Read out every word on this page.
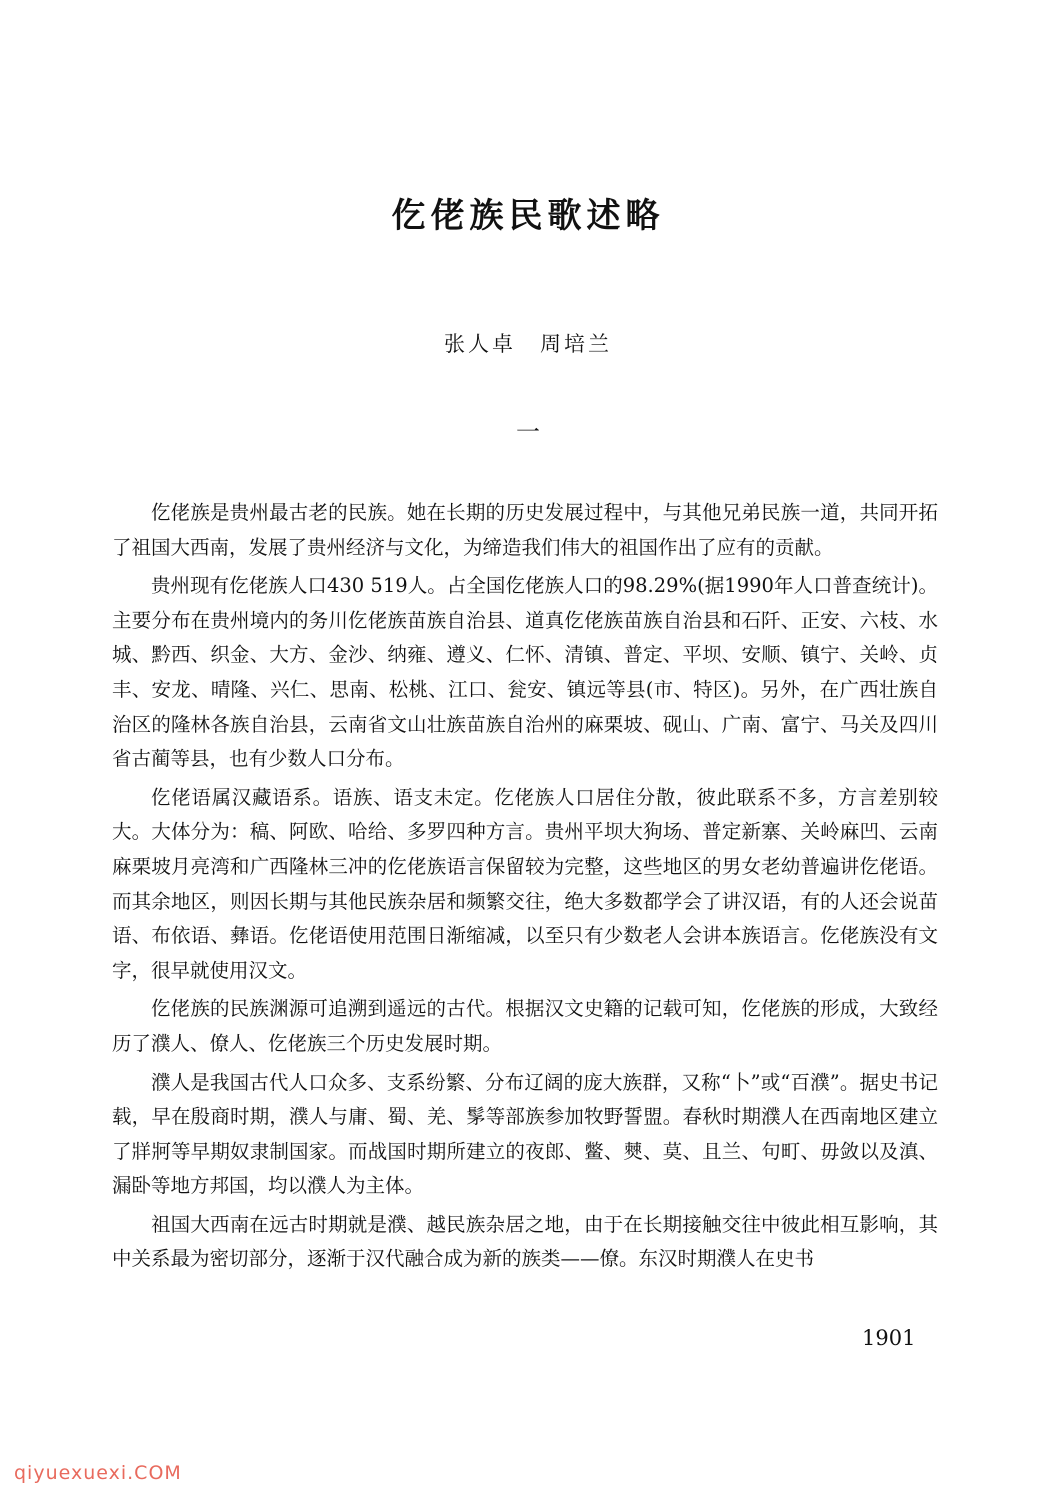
仡佬族民歌述略
张人卓　周培兰
一

仡佬族是贵州最古老的民族。她在长期的历史发展过程中，与其他兄弟民族一道，共同开拓了祖国大西南，发展了贵州经济与文化，为缔造我们伟大的祖国作出了应有的贡献。

贵州现有仡佬族人口430 519人。占全国仡佬族人口的98.29%(据1990年人口普查统计)。主要分布在贵州境内的务川仡佬族苗族自治县、道真仡佬族苗族自治县和石阡、正安、六枝、水城、黔西、织金、大方、金沙、纳雍、遵义、仁怀、清镇、普定、平坝、安顺、镇宁、关岭、贞丰、安龙、晴隆、兴仁、思南、松桃、江口、瓮安、镇远等县(市、特区)。另外，在广西壮族自治区的隆林各族自治县，云南省文山壮族苗族自治州的麻栗坡、砚山、广南、富宁、马关及四川省古蔺等县，也有少数人口分布。

仡佬语属汉藏语系。语族、语支未定。仡佬族人口居住分散，彼此联系不多，方言差别较大。大体分为：稿、阿欧、哈给、多罗四种方言。贵州平坝大狗场、普定新寨、关岭麻凹、云南麻栗坡月亮湾和广西隆林三冲的仡佬族语言保留较为完整，这些地区的男女老幼普遍讲仡佬语。而其余地区，则因长期与其他民族杂居和频繁交往，绝大多数都学会了讲汉语，有的人还会说苗语、布依语、彝语。仡佬语使用范围日渐缩减，以至只有少数老人会讲本族语言。仡佬族没有文字，很早就使用汉文。

仡佬族的民族渊源可追溯到遥远的古代。根据汉文史籍的记载可知，仡佬族的形成，大致经历了濮人、僚人、仡佬族三个历史发展时期。

濮人是我国古代人口众多、支系纷繁、分布辽阔的庞大族群，又称“卜”或“百濮”。据史书记载，早在殷商时期，濮人与庸、蜀、羌、髳等部族参加牧野誓盟。春秋时期濮人在西南地区建立了牂牁等早期奴隶制国家。而战国时期所建立的夜郎、鳖、僰、莫、且兰、句町、毋敛以及滇、漏卧等地方邦国，均以濮人为主体。

祖国大西南在远古时期就是濮、越民族杂居之地，由于在长期接触交往中彼此相互影响，其中关系最为密切部分，逐渐于汉代融合成为新的族类——僚。东汉时期濮人在史书

1901
qiyuexuexi.COM
